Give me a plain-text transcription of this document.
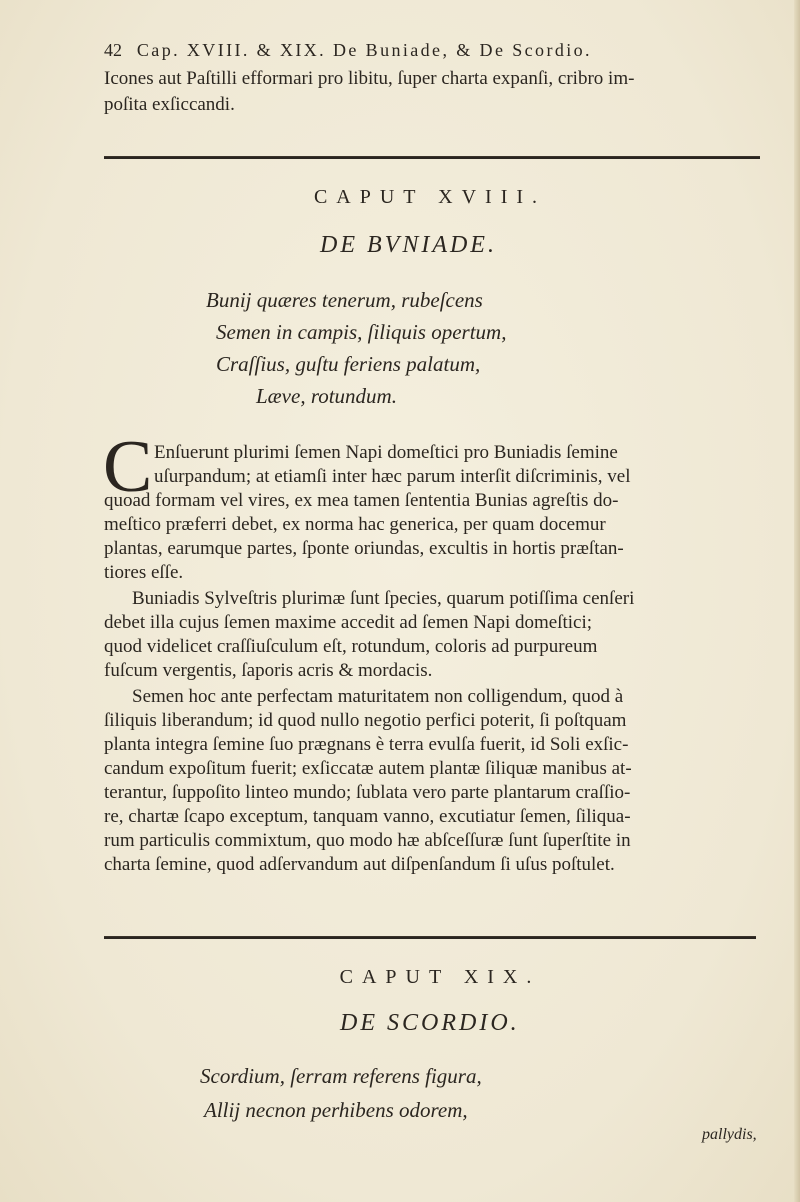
42 Cap. XVIII. & XIX. De Buniade, & De Scordio.
Icones aut Paſtilli efformari pro libitu, ſuper charta expanſi, cribro im-
poſita exſiccandi.
CAPUT XVIII.
DE BVNIADE.
Bunij quæres tenerum, rubeſcens
Semen in campis, ſiliquis opertum,
Craſſius, guſtu feriens palatum,
Læve, rotundum.
C Enſuerunt plurimi ſemen Napi domeſtici pro Buniadis ſemine
uſurpandum; at etiamſi inter hæc parum interſit diſcriminis, vel
quoad formam vel vires, ex mea tamen ſententia Bunias agreſtis do-
meſtico præferri debet, ex norma hac generica, per quam docemur
plantas, earumque partes, ſponte oriundas, excultis in hortis præſtan-
tiores eſſe.
Buniadis Sylveſtris plurimæ ſunt ſpecies, quarum potiſſima cenſeri
debet illa cujus ſemen maxime accedit ad ſemen Napi domeſtici;
quod videlicet craſſiuſculum eſt, rotundum, coloris ad purpureum
fuſcum vergentis, ſaporis acris & mordacis.
Semen hoc ante perfectam maturitatem non colligendum, quod à
ſiliquis liberandum; id quod nullo negotio perfici poterit, ſi poſtquam
planta integra ſemine ſuo prægnans è terra evulſa fuerit, id Soli exſic-
candum expoſitum fuerit; exſiccatæ autem plantæ ſiliquæ manibus at-
terantur, ſuppoſito linteo mundo; ſublata vero parte plantarum craſſio-
re, chartæ ſcapo exceptum, tanquam vanno, excutiatur ſemen, ſiliqua-
rum particulis commixtum, quo modo hæ abſceſſuræ ſunt ſuperſtite in
charta ſemine, quod adſervandum aut diſpenſandum ſi uſus poſtulet.
CAPUT XIX.
DE SCORDIO.
Scordium, ſerram referens figura,
Allij necnon perhibens odorem,
pallydis,
